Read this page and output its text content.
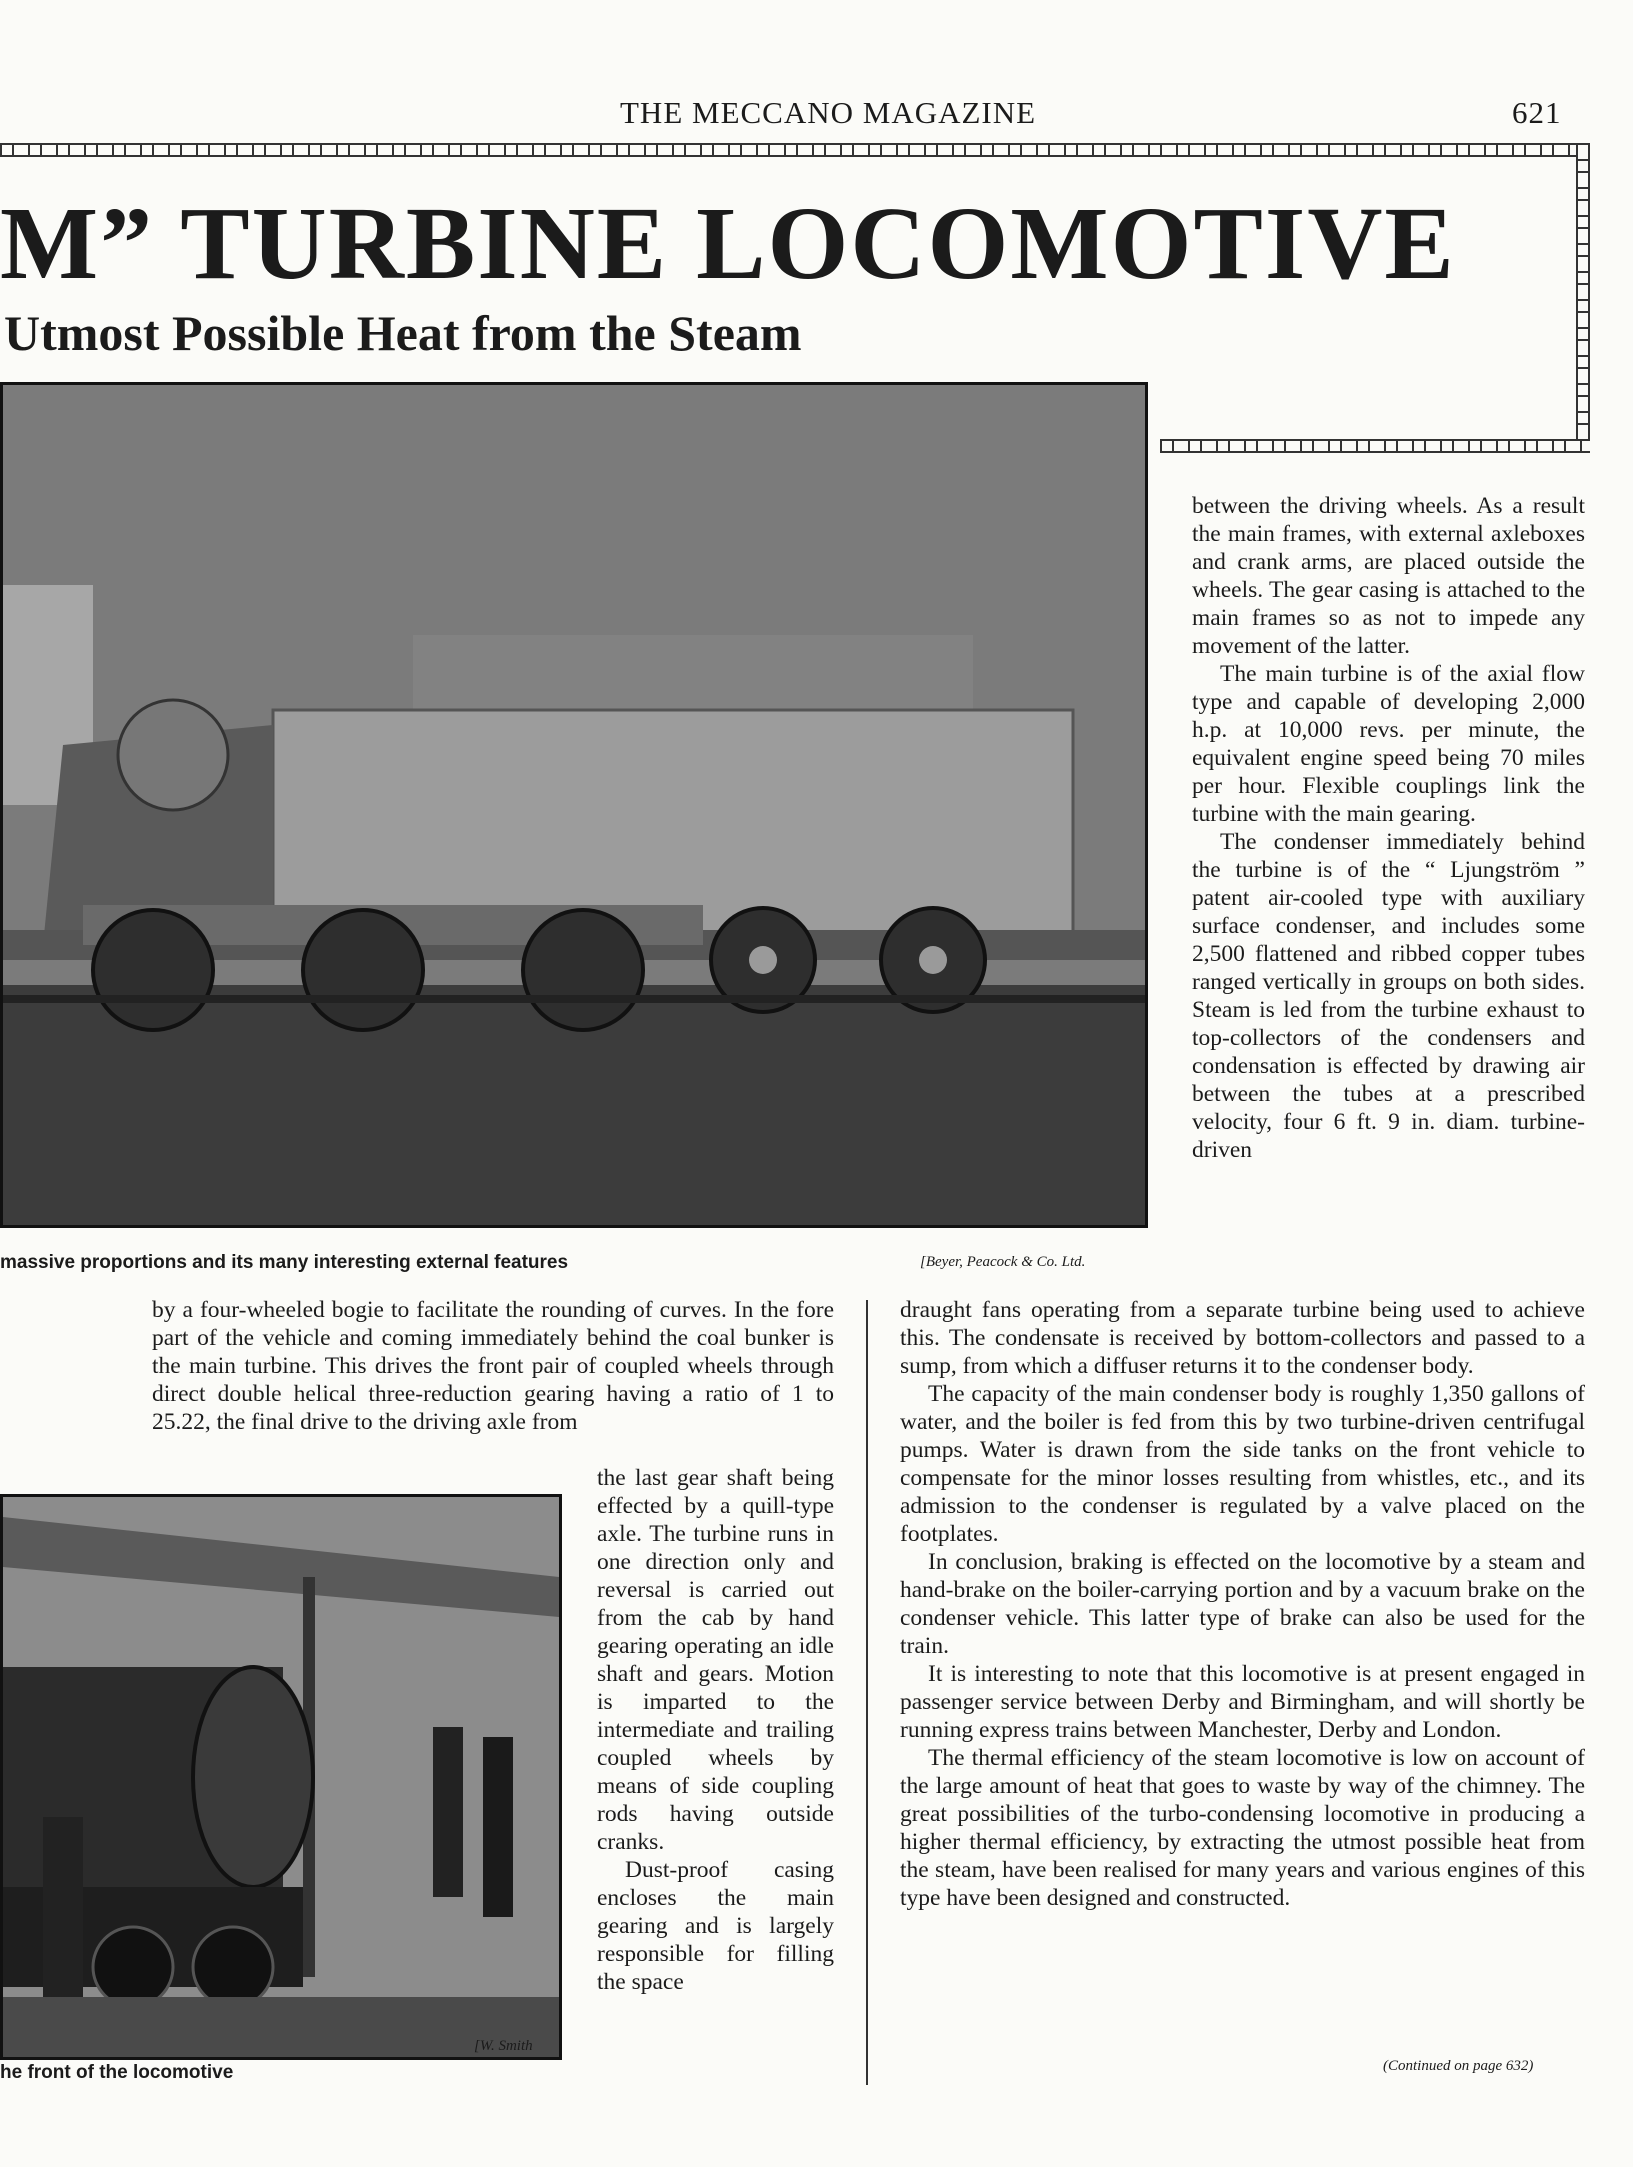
THE MECCANO MAGAZINE	621
M” TURBINE LOCOMOTIVE
Utmost Possible Heat from the Steam
massive proportions and its many interesting external features	[Beyer, Peacock & Co. Ltd.

between the driving wheels. As a result the main frames, with external axleboxes and crank arms, are placed outside the wheels. The gear casing is attached to the main frames so as not to impede any movement of the latter.

The main turbine is of the axial flow type and capable of developing 2,000 h.p. at 10,000 revs. per minute, the equivalent engine speed being 70 miles per hour. Flexible couplings link the turbine with the main gearing.

The condenser immediately behind the turbine is of the “ Ljungström ” patent air-cooled type with auxiliary surface condenser, and includes some 2,500 flattened and ribbed copper tubes ranged vertically in groups on both sides. Steam is led from the turbine exhaust to top-collectors of the condensers and condensation is effected by drawing air between the tubes at a prescribed velocity, four 6 ft. 9 in. diam. turbine-driven

by a four-wheeled bogie to facilitate the rounding of curves. In the fore part of the vehicle and coming immediately behind the coal bunker is the main turbine. This drives the front pair of coupled wheels through direct double helical three-reduction gearing having a ratio of 1 to 25.22, the final drive to the driving axle from

[W. Smith
he front of the locomotive

the last gear shaft being effected by a quill-type axle. The turbine runs in one direction only and reversal is carried out from the cab by hand gearing operating an idle shaft and gears. Motion is imparted to the intermediate and trailing coupled wheels by means of side coupling rods having outside cranks.

Dust-proof casing encloses the main gearing and is largely responsible for filling the space

draught fans operating from a separate turbine being used to achieve this. The condensate is received by bottom-collectors and passed to a sump, from which a diffuser returns it to the condenser body.

The capacity of the main condenser body is roughly 1,350 gallons of water, and the boiler is fed from this by two turbine-driven centrifugal pumps. Water is drawn from the side tanks on the front vehicle to compensate for the minor losses resulting from whistles, etc., and its admission to the condenser is regulated by a valve placed on the footplates.

In conclusion, braking is effected on the locomotive by a steam and hand-brake on the boiler-carrying portion and by a vacuum brake on the condenser vehicle. This latter type of brake can also be used for the train.

It is interesting to note that this locomotive is at present engaged in passenger service between Derby and Birmingham, and will shortly be running express trains between Manchester, Derby and London.

The thermal efficiency of the steam locomotive is low on account of the large amount of heat that goes to waste by way of the chimney. The great possibilities of the turbo-condensing locomotive in producing a higher thermal efficiency, by extracting the utmost possible heat from the steam, have been realised for many years and various engines of this type have been designed and constructed.

(Continued on page 632)
